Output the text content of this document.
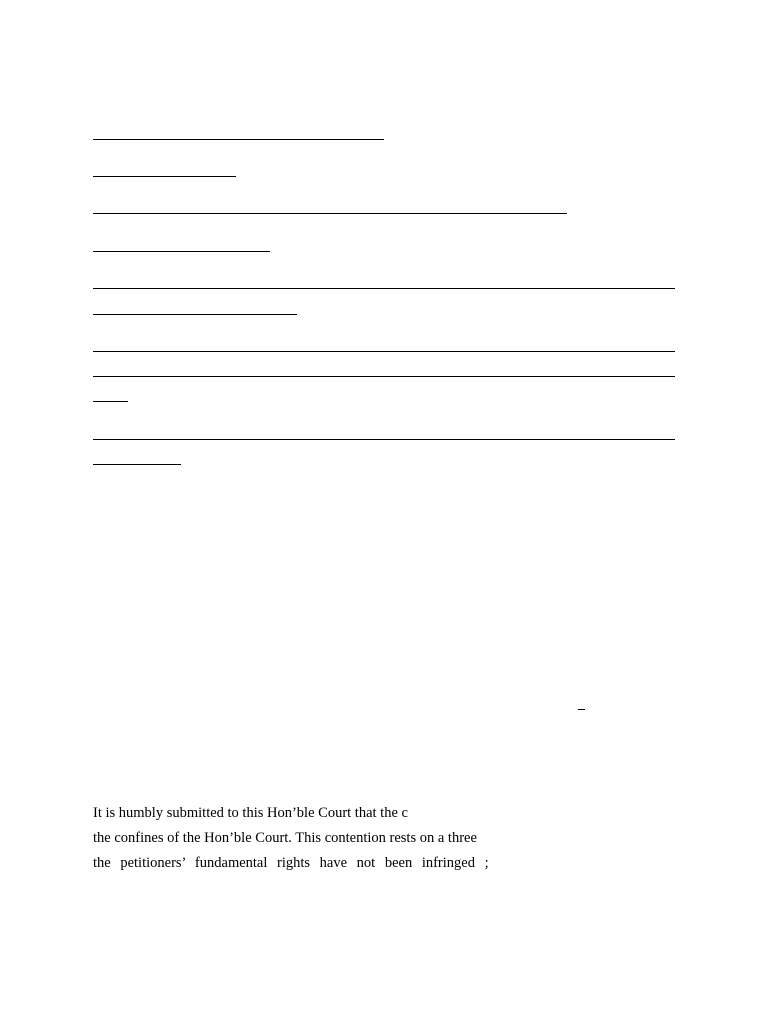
It is humbly submitted to this Hon’ble Court that the c
the confines of the Hon’ble Court. This contention rests on a three
the petitioners’ fundamental rights have not been infringed ;
